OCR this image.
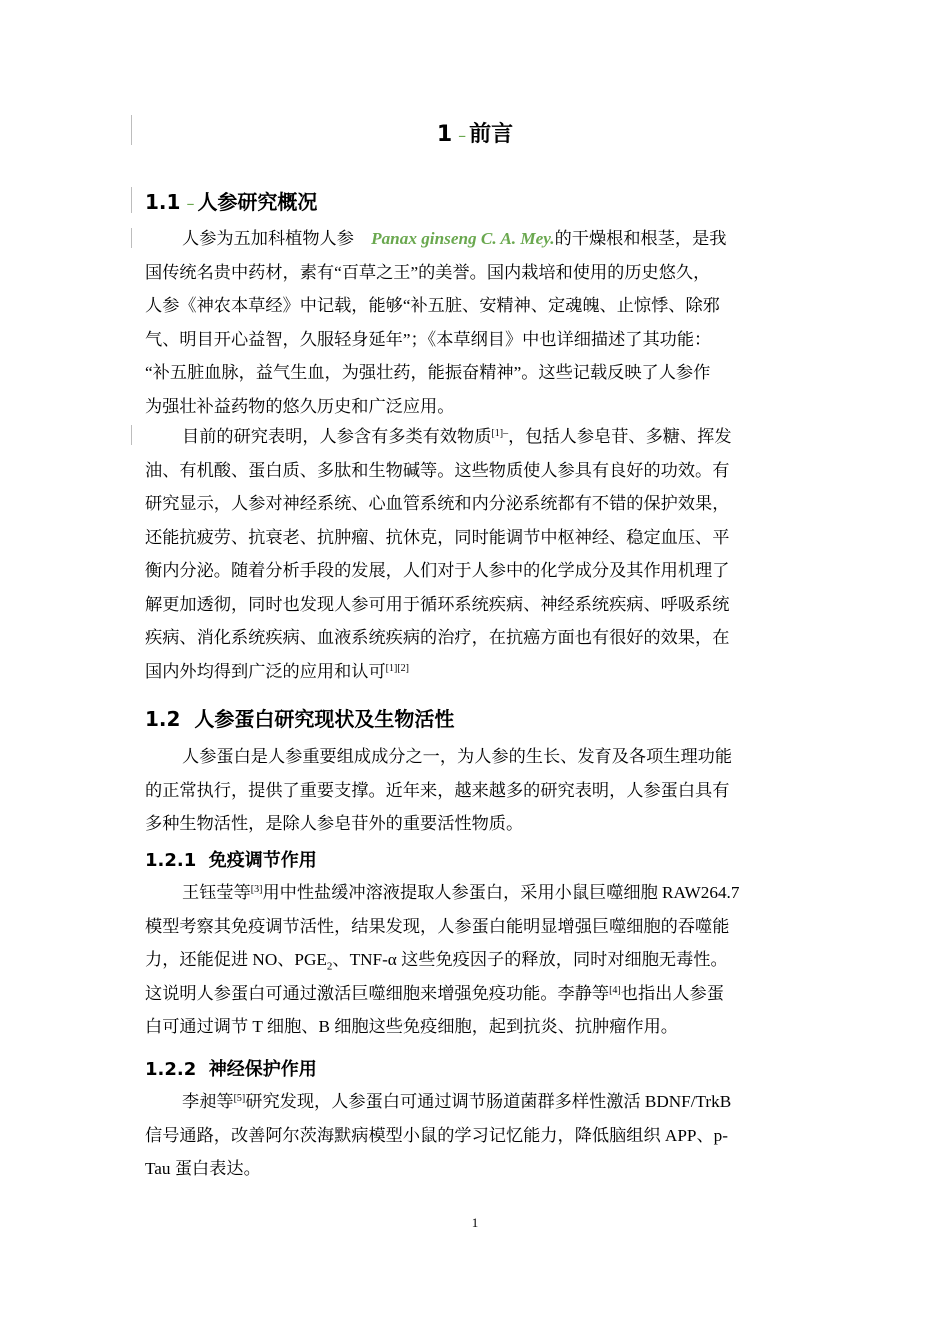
1 – 前言
1.1 – 人参研究概况
人参为五加科植物人参 Panax ginseng C. A. Mey.的干燥根和根茎，是我
国传统名贵中药材，素有“百草之王”的美誉。国内栽培和使用的历史悠久，
人参《神农本草经》中记载，能够“补五脏、安精神、定魂魄、止惊悸、除邪
气、明目开心益智，久服轻身延年”；《本草纲目》中也详细描述了其功能：
“补五脏血脉，益气生血，为强壮药，能振奋精神”。这些记载反映了人参作
为强壮补益药物的悠久历史和广泛应用。
目前的研究表明，人参含有多类有效物质$^{[1]-}$，包括人参皂苷、多糖、挥发
油、有机酸、蛋白质、多肽和生物碱等。这些物质使人参具有良好的功效。有
研究显示，人参对神经系统、心血管系统和内分泌系统都有不错的保护效果，
还能抗疲劳、抗衰老、抗肿瘤、抗休克，同时能调节中枢神经、稳定血压、平
衡内分泌。随着分析手段的发展，人们对于人参中的化学成分及其作用机理了
解更加透彻，同时也发现人参可用于循环系统疾病、神经系统疾病、呼吸系统
疾病、消化系统疾病、血液系统疾病的治疗，在抗癌方面也有很好的效果，在
国内外均得到广泛的应用和认可[1][2]
1.2 人参蛋白研究现状及生物活性
人参蛋白是人参重要组成成分之一，为人参的生长、发育及各项生理功能
的正常执行，提供了重要支撑。近年来，越来越多的研究表明，人参蛋白具有
多种生物活性，是除人参皂苷外的重要活性物质。
1.2.1 免疫调节作用
王钰莹等[3]用中性盐缓冲溶液提取人参蛋白，采用小鼠巨噬细胞 RAW264.7
模型考察其免疫调节活性，结果发现，人参蛋白能明显增强巨噬细胞的吞噬能
力，还能促进 NO、$PGE_2$、TNF-α 这些免疫因子的释放，同时对细胞无毒性。
这说明人参蛋白可通过激活巨噬细胞来增强免疫功能。李静等[4]也指出人参蛋
白可通过调节 T 细胞、B 细胞这些免疫细胞，起到抗炎、抗肿瘤作用。
1.2.2 神经保护作用
李昶等[5]研究发现，人参蛋白可通过调节肠道菌群多样性激活 BDNF/TrkB
信号通路，改善阿尔茨海默病模型小鼠的学习记忆能力，降低脑组织 APP、p-
Tau 蛋白表达。
1
